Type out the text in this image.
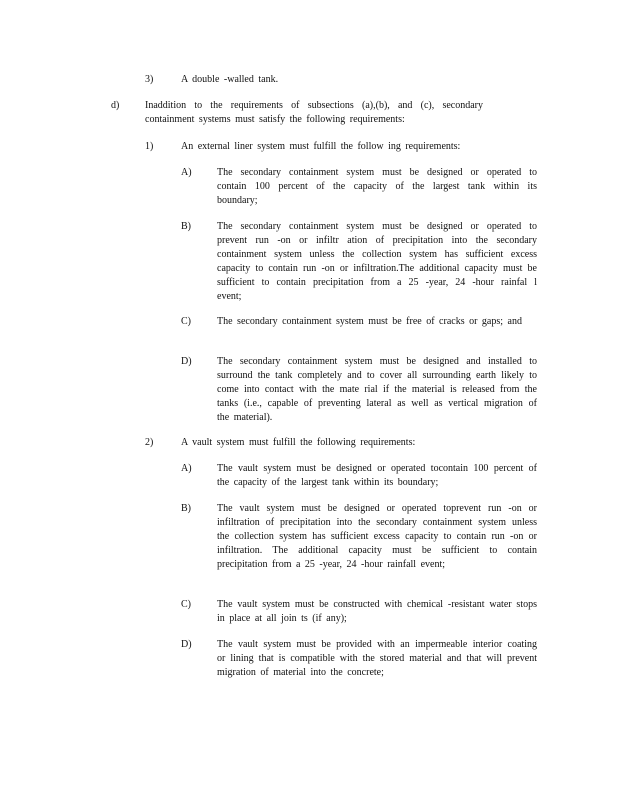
3)	A double -walled tank.
d)	Inaddition to the requirements of subsections (a),(b), and (c), secondary containment systems must satisfy the following requirements:

1)	An external liner system must fulfill the follow ing requirements:
A)	The secondary containment system must be designed or operated to contain 100 percent of the capacity of the largest tank within its boundary;

B)	The secondary containment system must be designed or operated to prevent run -on or infiltr ation of precipitation into the secondary containment system unless the collection system has sufficient excess capacity to contain run -on or infiltration.The additional capacity must be sufficient to contain precipitation from a 25 -year, 24 -hour rainfal l event;

C)	The secondary containment system must be free of cracks or gaps; and

D)	The secondary containment system must be designed and installed to surround the tank completely and to cover all surrounding earth likely to come into contact with the mate rial if the material is released from the tanks (i.e., capable of preventing lateral as well as vertical migration of the material).

2)	A vault system must fulfill the following requirements:
A)	The vault system must be designed or operated tocontain 100 percent of the capacity of the largest tank within its boundary;

B)	The vault system must be designed or operated toprevent run -on or infiltration of precipitation into the secondary containment system unless the collection system has sufficient excess capacity to contain run -on or infiltration. The additional capacity must be sufficient to contain precipitation from a 25 -year, 24 -hour rainfall event;

C)	The vault system must be constructed with chemical -resistant water stops in place at all join ts (if any);

D)	The vault system must be provided with an impermeable interior coating or lining that is compatible with the stored material and that will prevent migration of material into the concrete;
